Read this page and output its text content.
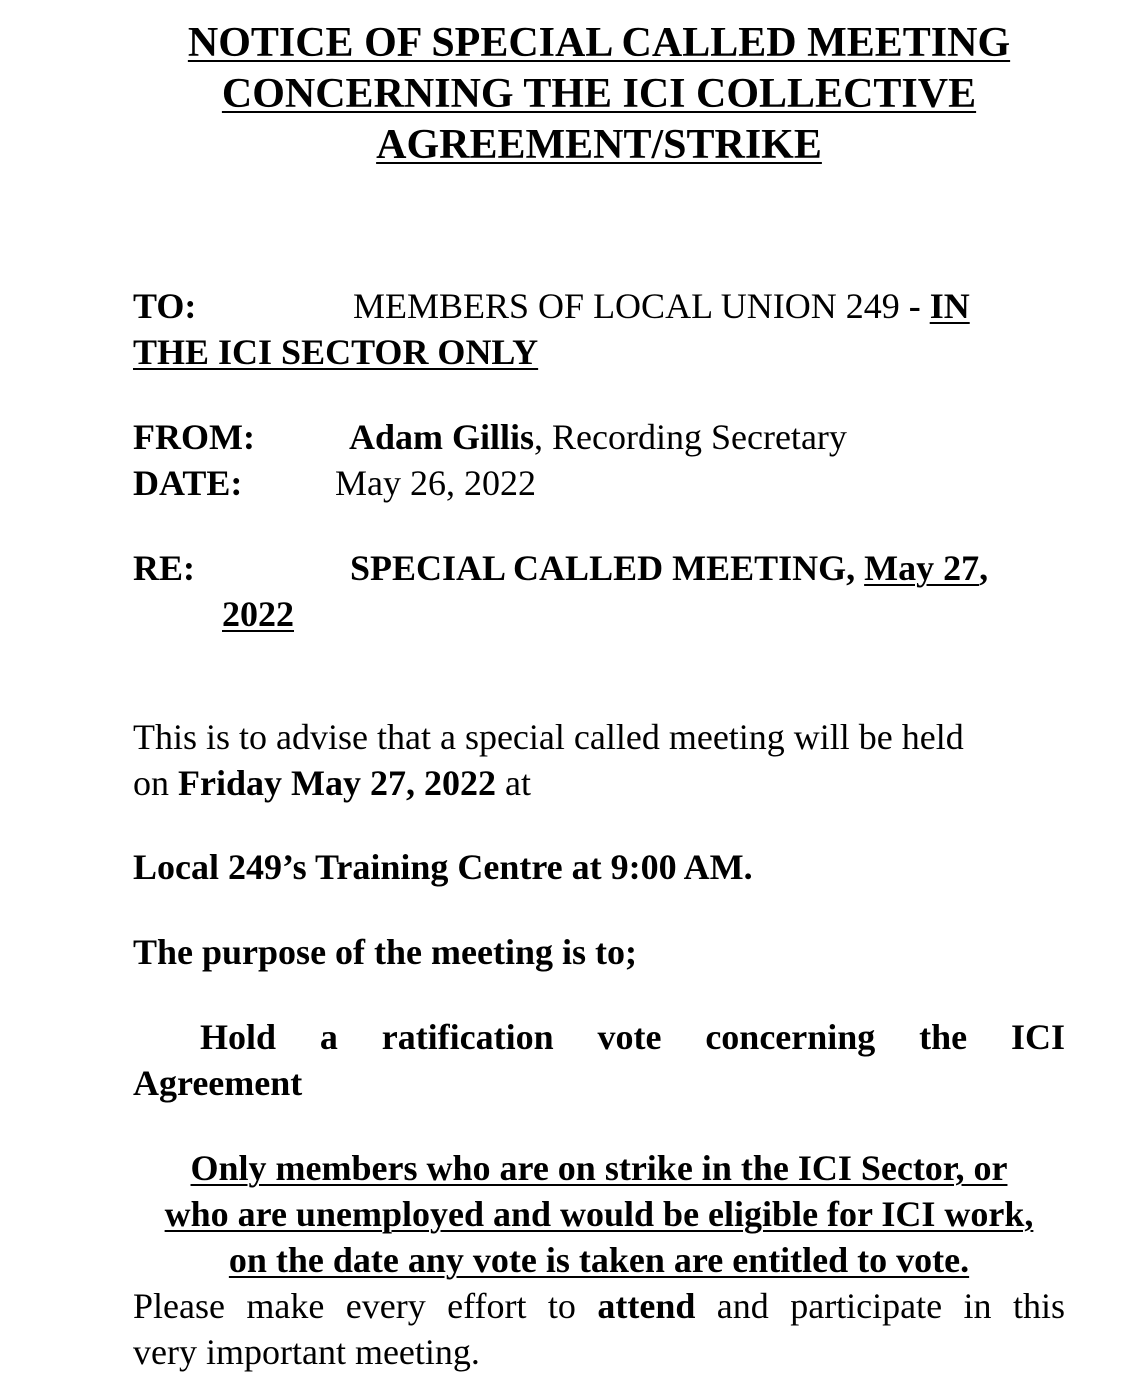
NOTICE OF SPECIAL CALLED MEETING
CONCERNING THE ICI COLLECTIVE
AGREEMENT/STRIKE
TO:	MEMBERS OF LOCAL UNION 249 - IN
THE ICI SECTOR ONLY
FROM:	Adam Gillis, Recording Secretary
DATE:	May 26, 2022
RE:	SPECIAL CALLED MEETING, May 27,
2022
This is to advise that a special called meeting will be held
on Friday May 27, 2022 at
Local 249’s Training Centre at 9:00 AM.
The purpose of the meeting is to;
Hold a ratification vote concerning the ICI
Agreement
Only members who are on strike in the ICI Sector, or
who are unemployed and would be eligible for ICI work,
on the date any vote is taken are entitled to vote.
Please make every effort to attend and participate in this
very important meeting.
